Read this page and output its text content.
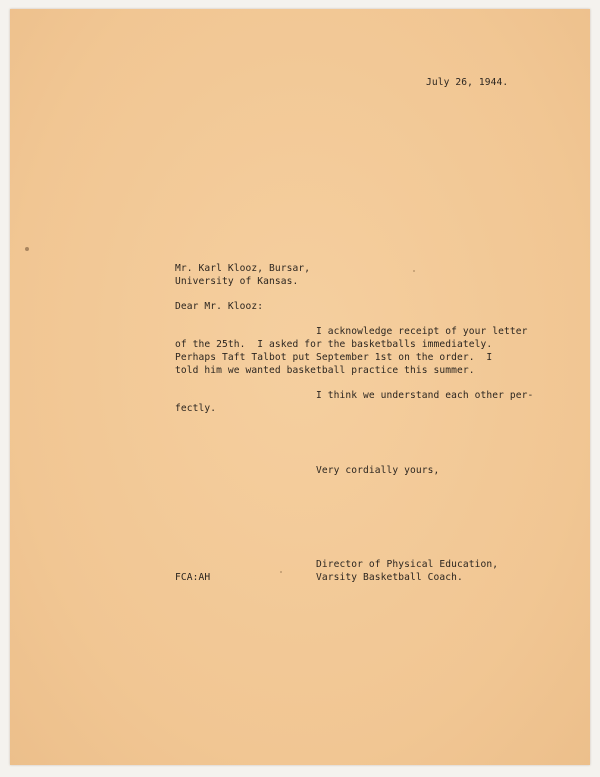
July 26, 1944.

Mr. Karl Klooz, Bursar,

University of Kansas.

Dear Mr. Klooz:

I acknowledge receipt of your letter

of the 25th.  I asked for the basketballs immediately.

Perhaps Taft Talbot put September 1st on the order.  I

told him we wanted basketball practice this summer.

I think we understand each other per-

fectly.

Very cordially yours,

Director of Physical Education,

Varsity Basketball Coach.

FCA:AH
